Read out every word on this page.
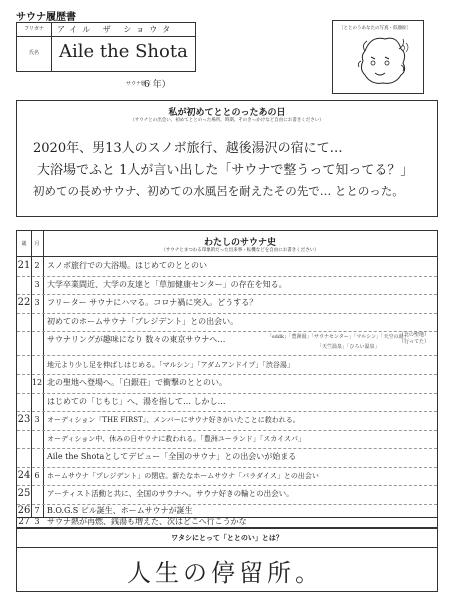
サウナ履歴書
フリガナ	アイル ザ ショウタ
氏名	Aile the Shota
サウナ歴（
6 年）
［ととのうあなたの写真・似顔絵］
私が初めてととのったあの日
（サウナとの出会い、初めてととのった場所、時期、そのきっかけなど自由にお書きください）
2020年、男13人のスノボ旅行、越後湯沢の宿にて…
大浴場でふと 1人が言い出した「サウナで整うって知ってる？」
初めての長めサウナ、初めての水風呂を耐えたその先で… ととのった。
歳	月	わたしのサウナ史
（サウナとまつわる印象的だった出来事・転機などを自由にお書きください）
21 2 スノボ旅行での大浴場。はじめてのととのい
3 大学卒業間近、大学の友達と「草加健康センター」の存在を知る。
22 3 フリーター サウナにハマる。コロナ禍に突入。どうする？
初めてのホームサウナ「プレジデント」との出会い。
サウナリングが趣味になり 数々の東京サウナへ…	「sddk」「豊洲湯」「サウナセンター」「マルシン」「天空の湯」
「天竺温泉」「ひろい温泉」
（北の聖地）（行ってた）
地元より少し足を伸ばしはじめる。「マルシン」「アダムアンドイブ」「渋谷湯」
12 北の聖地へ登場へ。「白銀荘」で衝撃のととのい。
はじめての「じもじ」へ、湯を指して… しかし…
23 3	オーディション「THE FIRST」、メンバーにサウナ好きがいたことに救われる。
オーディション中、休みの日サウナに救われる。「豊洲ユーランド」「スカイスパ」
Aile the Shotaとしてデビュー「全国のサウナ」との出会いが始まる
24 6	ホームサウナ「プレジデント」の閉店。新たなホームサウナ「パラダイス」との出会い
25 アーティスト活動と共に、全国のサウナへ。サウナ好きの輪との出会い。
26 7 B.O.G.S ビル誕生、ホームサウナが誕生
27 3 サウナ熱が再燃、銭湯も増えた、次はどこへ行こうかな
ワタシにとって「ととのい」とは？
人生の停留所。
